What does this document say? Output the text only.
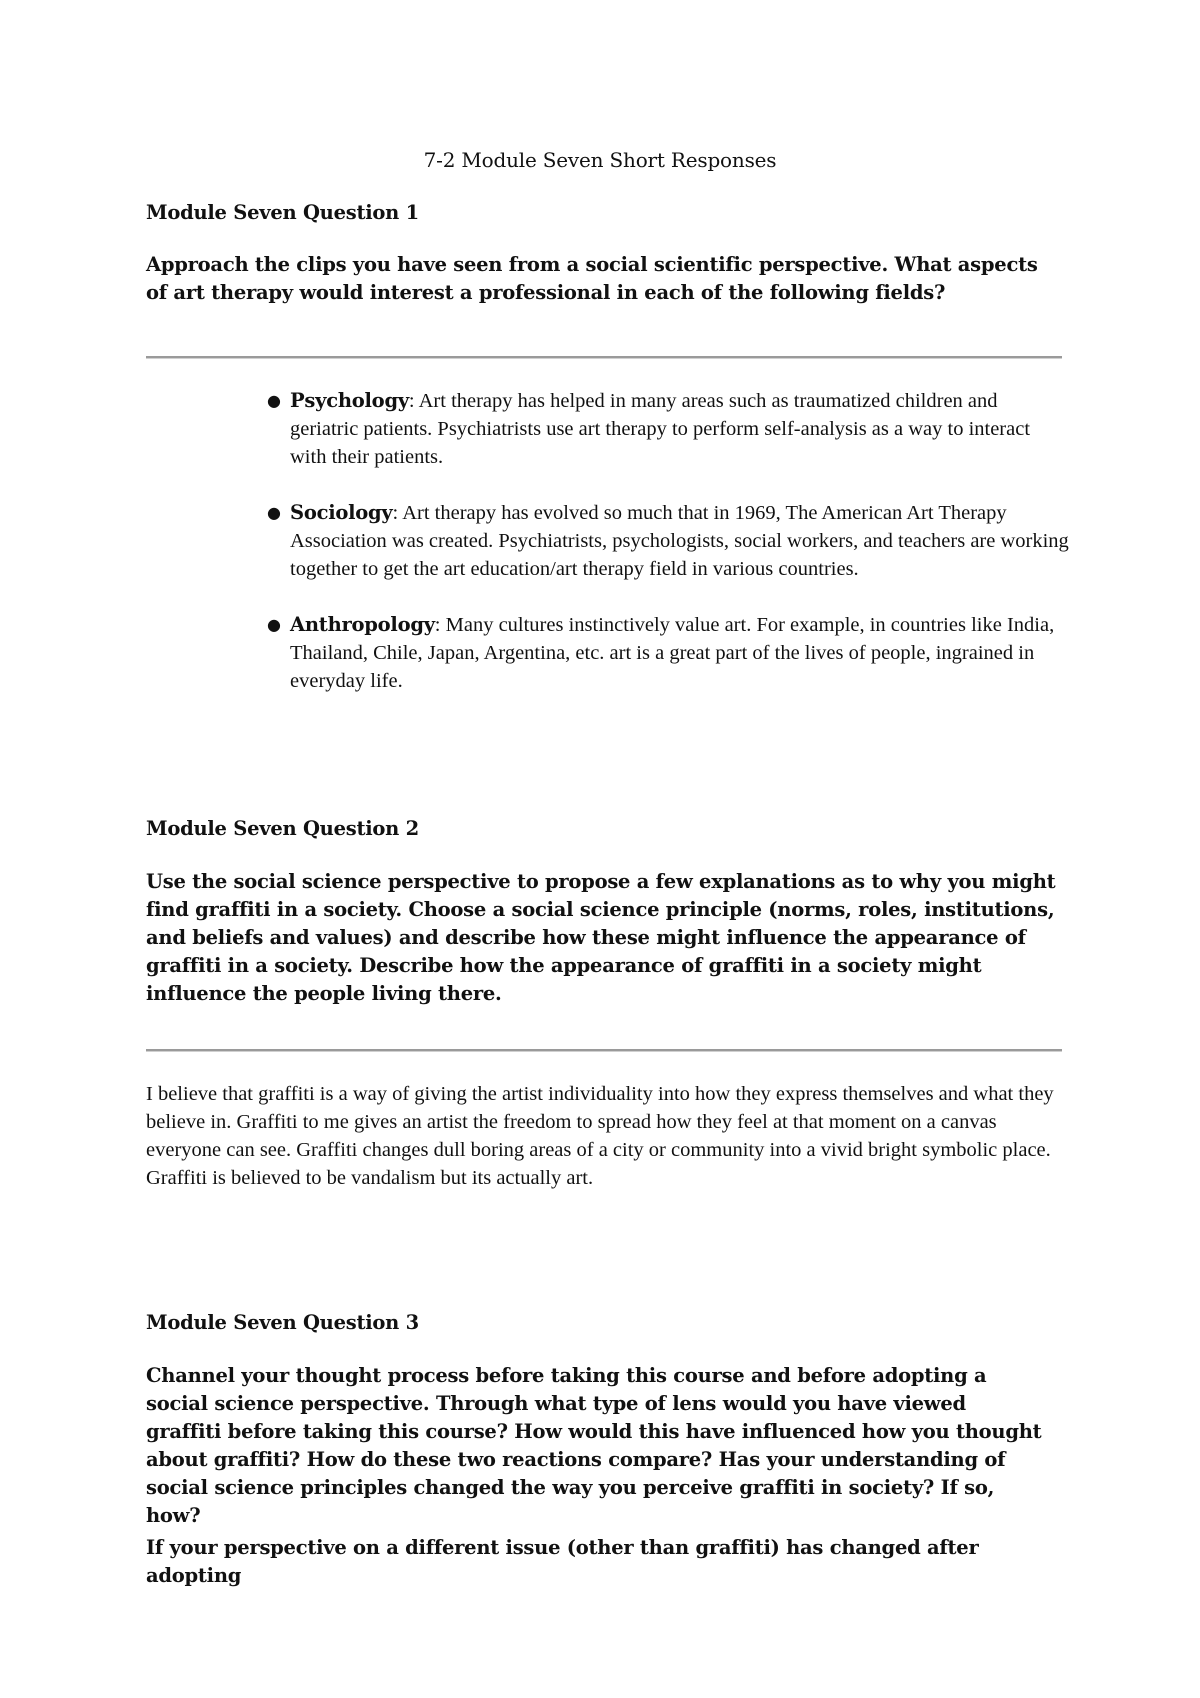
7-2 Module Seven Short Responses

Module Seven Question 1

Approach the clips you have seen from a social scientific perspective. What aspects of art therapy would interest a professional in each of the following fields?

● Psychology: Art therapy has helped in many areas such as traumatized children and geriatric patients. Psychiatrists use art therapy to perform self-analysis as a way to interact with their patients.
● Sociology: Art therapy has evolved so much that in 1969, The American Art Therapy Association was created. Psychiatrists, psychologists, social workers, and teachers are working together to get the art education/art therapy field in various countries.
● Anthropology: Many cultures instinctively value art. For example, in countries like India, Thailand, Chile, Japan, Argentina, etc. art is a great part of the lives of people, ingrained in everyday life.

Module Seven Question 2

Use the social science perspective to propose a few explanations as to why you might find graffiti in a society. Choose a social science principle (norms, roles, institutions, and beliefs and values) and describe how these might influence the appearance of graffiti in a society. Describe how the appearance of graffiti in a society might influence the people living there.

I believe that graffiti is a way of giving the artist individuality into how they express themselves and what they believe in. Graffiti to me gives an artist the freedom to spread how they feel at that moment on a canvas everyone can see. Graffiti changes dull boring areas of a city or community into a vivid bright symbolic place. Graffiti is believed to be vandalism but its actually art.

Module Seven Question 3

Channel your thought process before taking this course and before adopting a social science perspective. Through what type of lens would you have viewed graffiti before taking this course? How would this have influenced how you thought about graffiti? How do these two reactions compare? Has your understanding of social science principles changed the way you perceive graffiti in society? If so, how?

If your perspective on a different issue (other than graffiti) has changed after adopting
